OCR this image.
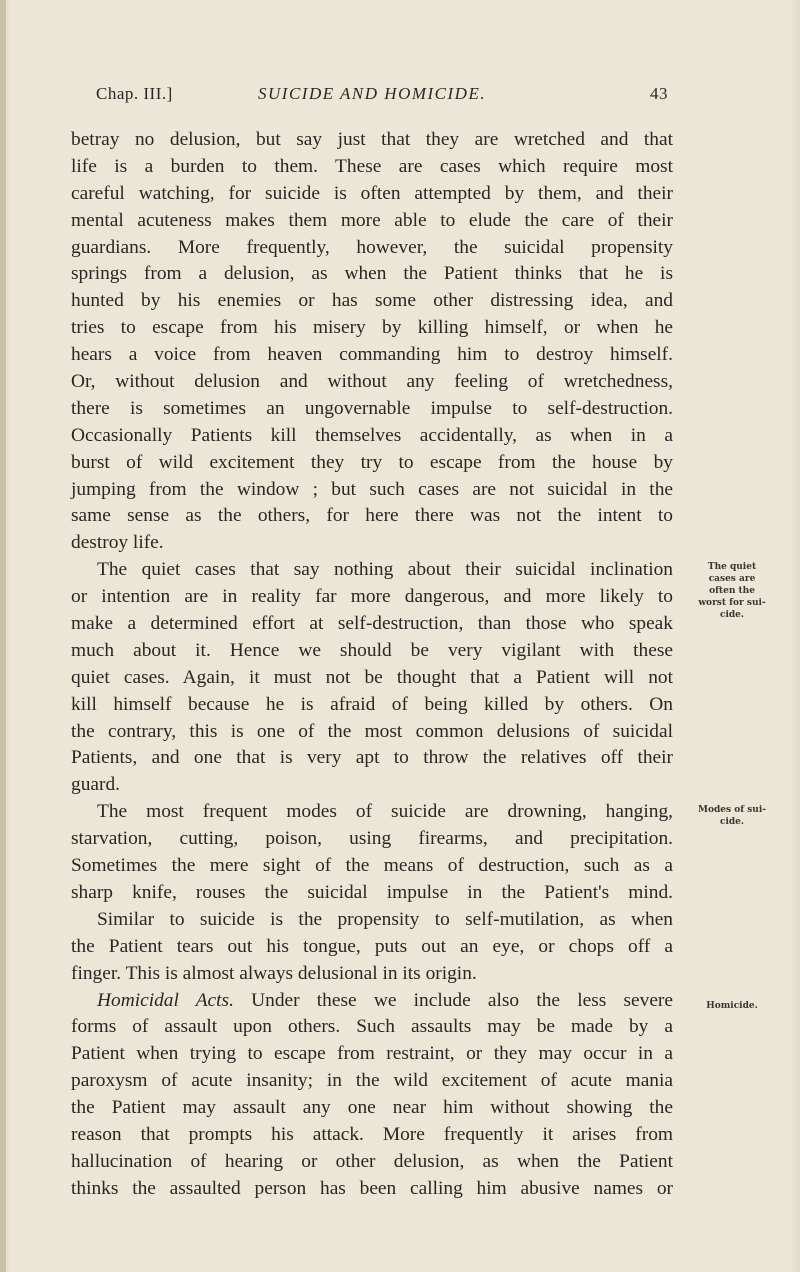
Chap. III.]	SUICIDE AND HOMICIDE.	43
betray no delusion, but say just that they are wretched and that
life is a burden to them. These are cases which require most
careful watching, for suicide is often attempted by them, and their
mental acuteness makes them more able to elude the care of their
guardians. More frequently, however, the suicidal propensity
springs from a delusion, as when the Patient thinks that he is
hunted by his enemies or has some other distressing idea, and
tries to escape from his misery by killing himself, or when he
hears a voice from heaven commanding him to destroy himself.
Or, without delusion and without any feeling of wretchedness,
there is sometimes an ungovernable impulse to self-destruction.
Occasionally Patients kill themselves accidentally, as when in a
burst of wild excitement they try to escape from the house by
jumping from the window ; but such cases are not suicidal in the
same sense as the others, for here there was not the intent to
destroy life.
The quiet cases that say nothing about their suicidal inclination
or intention are in reality far more dangerous, and more likely to
make a determined effort at self-destruction, than those who speak
much about it. Hence we should be very vigilant with these
quiet cases. Again, it must not be thought that a Patient will not
kill himself because he is afraid of being killed by others. On
the contrary, this is one of the most common delusions of suicidal
Patients, and one that is very apt to throw the relatives off their
guard.
The most frequent modes of suicide are drowning, hanging,
starvation, cutting, poison, using firearms, and precipitation.
Sometimes the mere sight of the means of destruction, such as a
sharp knife, rouses the suicidal impulse in the Patient's mind.
Similar to suicide is the propensity to self-mutilation, as when
the Patient tears out his tongue, puts out an eye, or chops off a
finger. This is almost always delusional in its origin.
Homicidal Acts. Under these we include also the less severe
forms of assault upon others. Such assaults may be made by a
Patient when trying to escape from restraint, or they may occur in a
paroxysm of acute insanity; in the wild excitement of acute mania
the Patient may assault any one near him without showing the
reason that prompts his attack. More frequently it arises from
hallucination of hearing or other delusion, as when the Patient
thinks the assaulted person has been calling him abusive names or
The quiet
cases are
often the
worst for sui-
cide.
Modes of sui-
cide.
Homicide.
